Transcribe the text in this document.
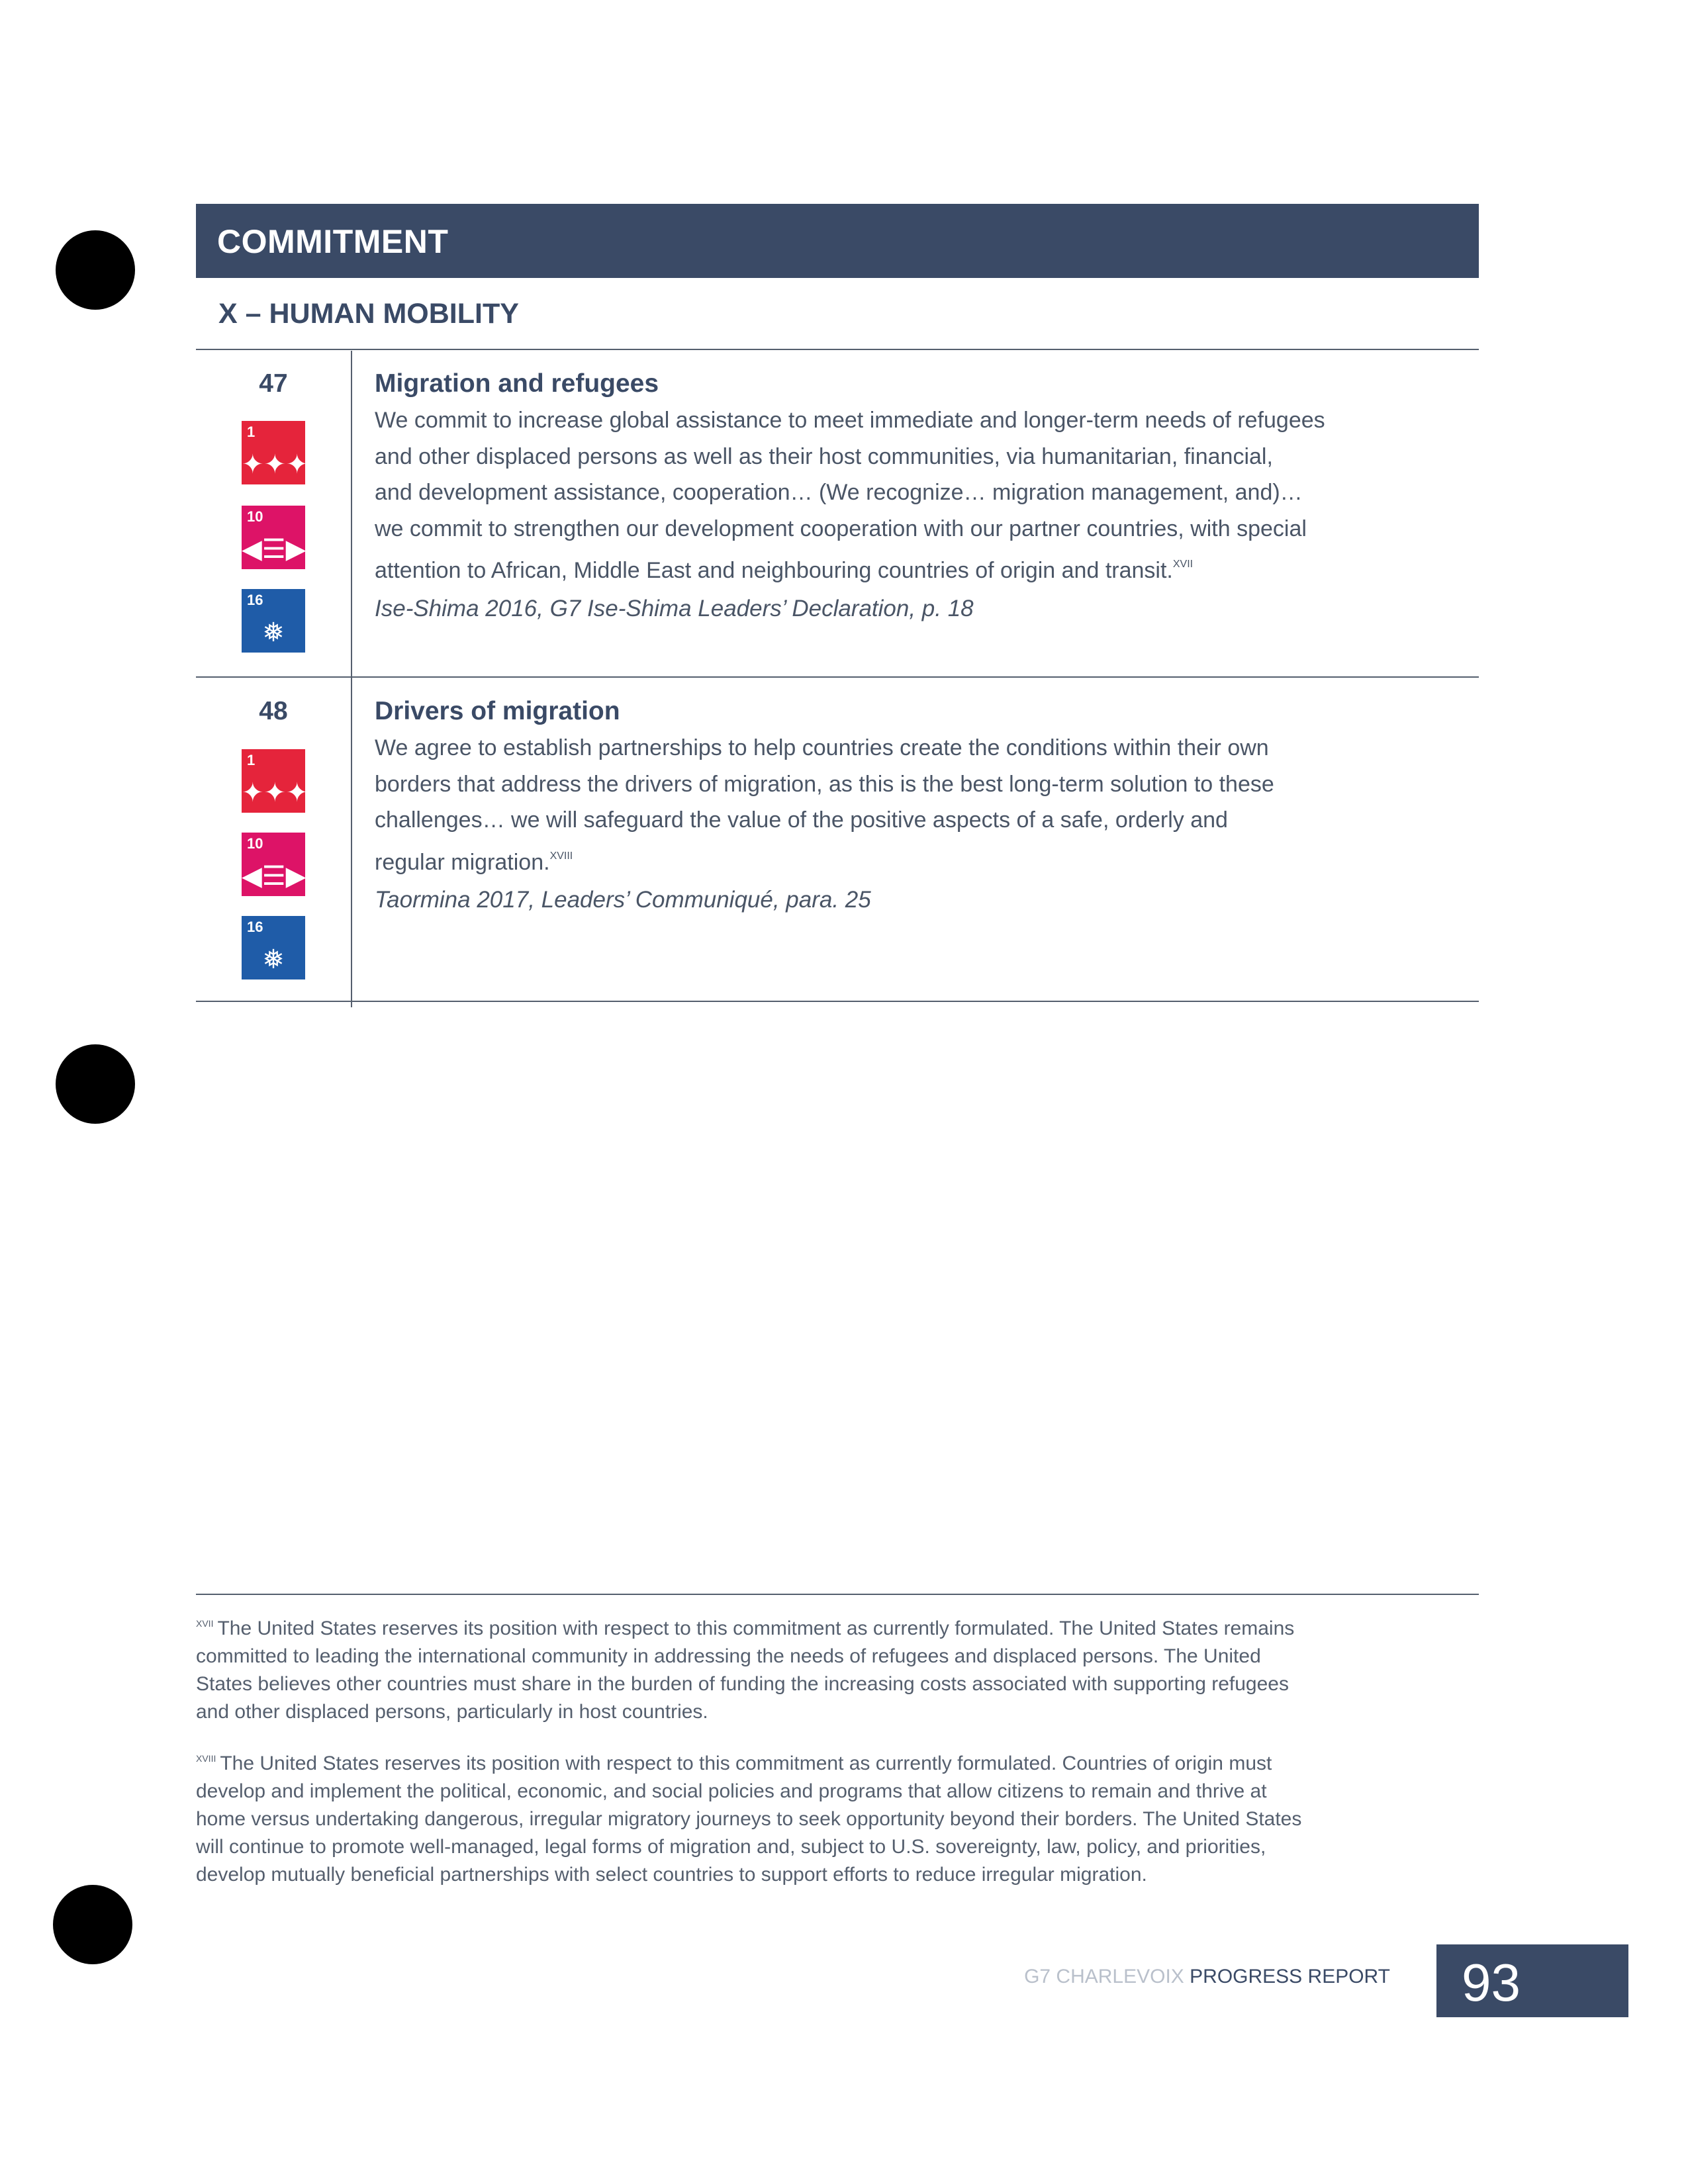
COMMITMENT
X – HUMAN MOBILITY
47
1
✦✦✦
10
◀☰▶
16
❅
Migration and refugees
We commit to increase global assistance to meet immediate and longer-term needs of refugees
and other displaced persons as well as their host communities, via humanitarian, financial,
and development assistance, cooperation… (We recognize… migration management, and)…
we commit to strengthen our development cooperation with our partner countries, with special
attention to African, Middle East and neighbouring countries of origin and transit.$^{XVII}$
Ise-Shima 2016, G7 Ise-Shima Leaders’ Declaration, p. 18
48
1
✦✦✦
10
◀☰▶
16
❅
Drivers of migration
We agree to establish partnerships to help countries create the conditions within their own
borders that address the drivers of migration, as this is the best long-term solution to these
challenges… we will safeguard the value of the positive aspects of a safe, orderly and
regular migration.$^{XVIII}$
Taormina 2017, Leaders’ Communiqué, para. 25
$^{XVII}$ The United States reserves its position with respect to this commitment as currently formulated. The United States remains
committed to leading the international community in addressing the needs of refugees and displaced persons. The United
States believes other countries must share in the burden of funding the increasing costs associated with supporting refugees
and other displaced persons, particularly in host countries.
$^{XVIII}$ The United States reserves its position with respect to this commitment as currently formulated. Countries of origin must
develop and implement the political, economic, and social policies and programs that allow citizens to remain and thrive at
home versus undertaking dangerous, irregular migratory journeys to seek opportunity beyond their borders. The United States
will continue to promote well-managed, legal forms of migration and, subject to U.S. sovereignty, law, policy, and priorities,
develop mutually beneficial partnerships with select countries to support efforts to reduce irregular migration.
G7 CHARLEVOIX PROGRESS REPORT 93
